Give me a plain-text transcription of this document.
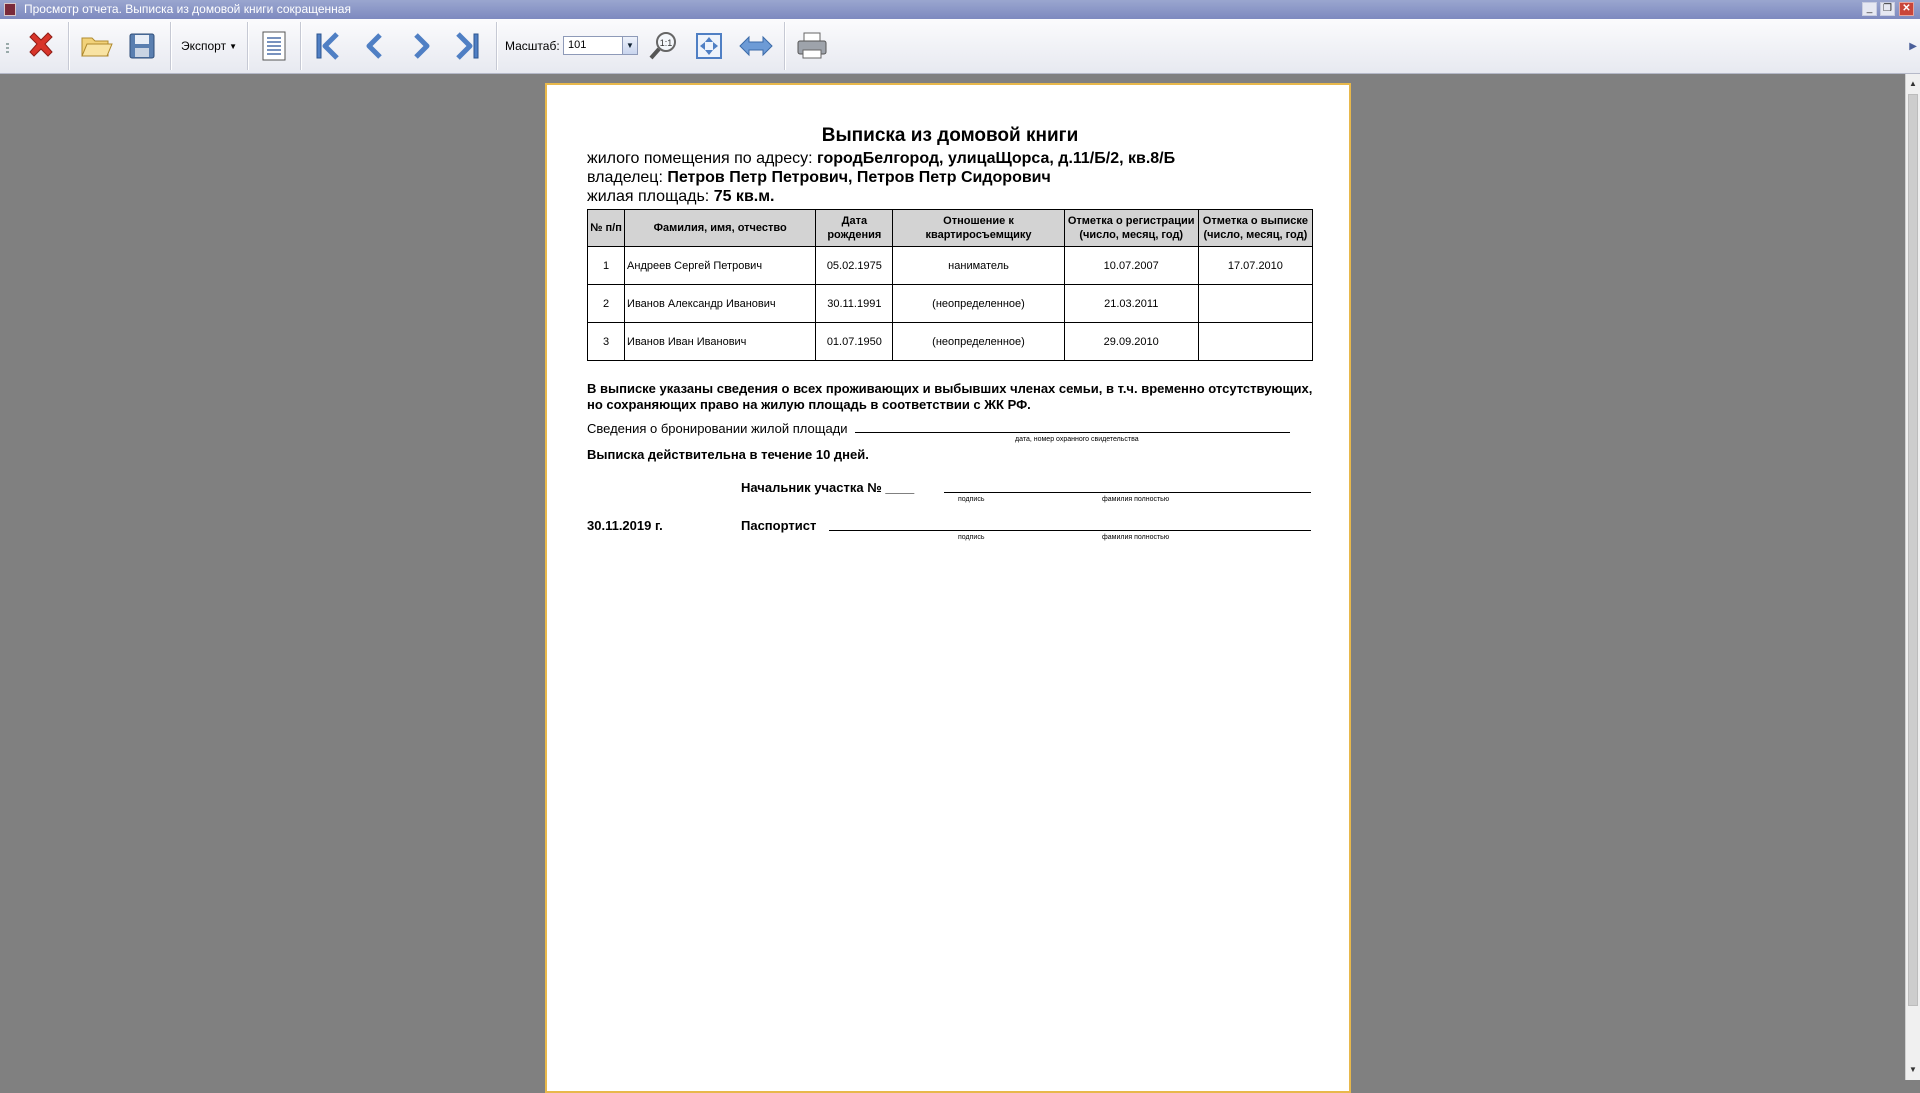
Просмотр отчета. Выписка из домовой книги сокращенная	_	❐	✕
Экспорт ▼	Масштаб: 101	▼	1:1	▶
▲
▼
Выписка из домовой книги
жилого помещения по адресу: городБелгород, улицаЩорса, д.11/Б/2, кв.8/Б
владелец: Петров Петр Петрович, Петров Петр Сидорович
жилая площадь: 75 кв.м.
№ п/п	Фамилия, имя, отчество	Дата рождения	Отношение к квартиросъемщику	Отметка о регистрации (число, месяц, год)	Отметка о выписке (число, месяц, год)
1	Андреев Сергей Петрович	05.02.1975	наниматель	10.07.2007	17.07.2010
2	Иванов Александр Иванович	30.11.1991	(неопределенное)	21.03.2011	
3	Иванов Иван Иванович	01.07.1950	(неопределенное)	29.09.2010	
В выписке указаны сведения о всех проживающих и выбывших членах семьи, в т.ч. временно отсутствующих, но сохраняющих право на жилую площадь в соответствии с ЖК РФ.
Сведения о бронировании жилой площади
дата, номер охранного свидетельства
Выписка действительна в течение 10 дней.
Начальник участка № ____
подпись	фамилия полностью
30.11.2019 г.	Паспортист
подпись	фамилия полностью
